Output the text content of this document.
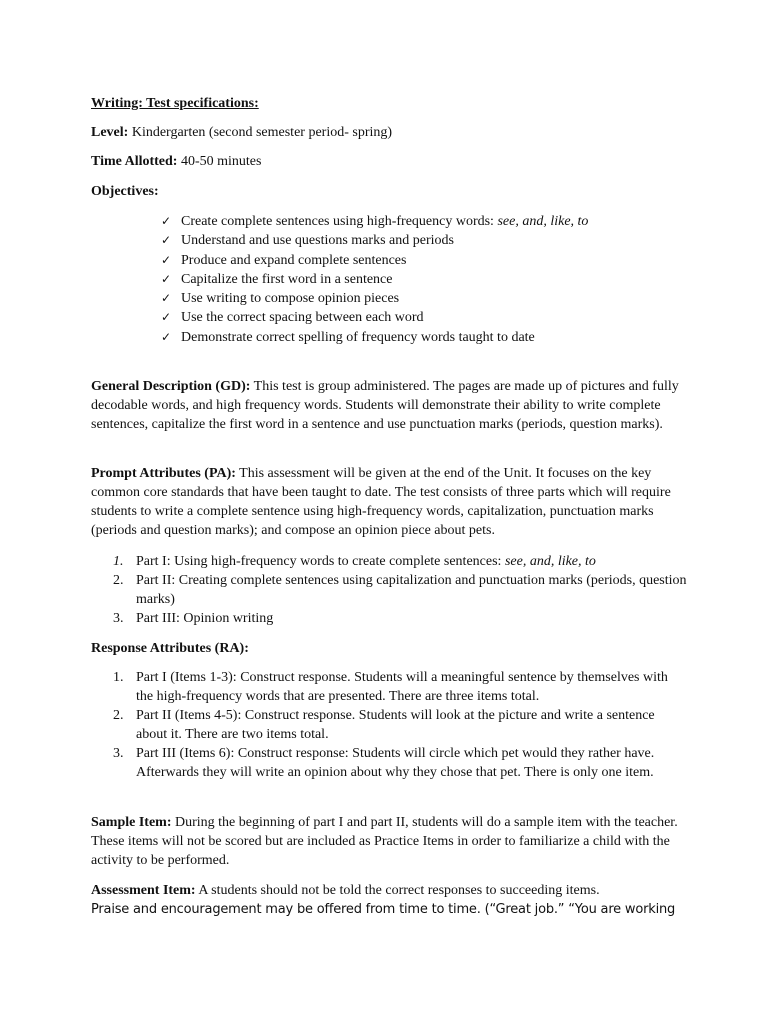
Writing: Test specifications:

Level: Kindergarten (second semester period- spring)

Time Allotted: 40-50 minutes

Objectives:

✓ Create complete sentences using high-frequency words: see, and, like, to
✓ Understand and use questions marks and periods
✓ Produce and expand complete sentences
✓ Capitalize the first word in a sentence
✓ Use writing to compose opinion pieces
✓ Use the correct spacing between each word
✓ Demonstrate correct spelling of frequency words taught to date

General Description (GD): This test is group administered. The pages are made up of pictures and fully decodable words, and high frequency words. Students will demonstrate their ability to write complete sentences, capitalize the first word in a sentence and use punctuation marks (periods, question marks).

Prompt Attributes (PA): This assessment will be given at the end of the Unit. It focuses on the key common core standards that have been taught to date. The test consists of three parts which will require students to write a complete sentence using high-frequency words, capitalization, punctuation marks (periods and question marks); and compose an opinion piece about pets.

1. Part I: Using high-frequency words to create complete sentences: see, and, like, to
2. Part II: Creating complete sentences using capitalization and punctuation marks (periods, question marks)
3. Part III: Opinion writing

Response Attributes (RA):

1. Part I (Items 1-3): Construct response. Students will a meaningful sentence by themselves with the high-frequency words that are presented. There are three items total.
2. Part II (Items 4-5): Construct response. Students will look at the picture and write a sentence about it. There are two items total.
3. Part III (Items 6): Construct response: Students will circle which pet would they rather have. Afterwards they will write an opinion about why they chose that pet. There is only one item.

Sample Item: During the beginning of part I and part II, students will do a sample item with the teacher. These items will not be scored but are included as Practice Items in order to familiarize a child with the activity to be performed.

Assessment Item: A students should not be told the correct responses to succeeding items.
Praise and encouragement may be offered from time to time. (“Great job.” “You are working
